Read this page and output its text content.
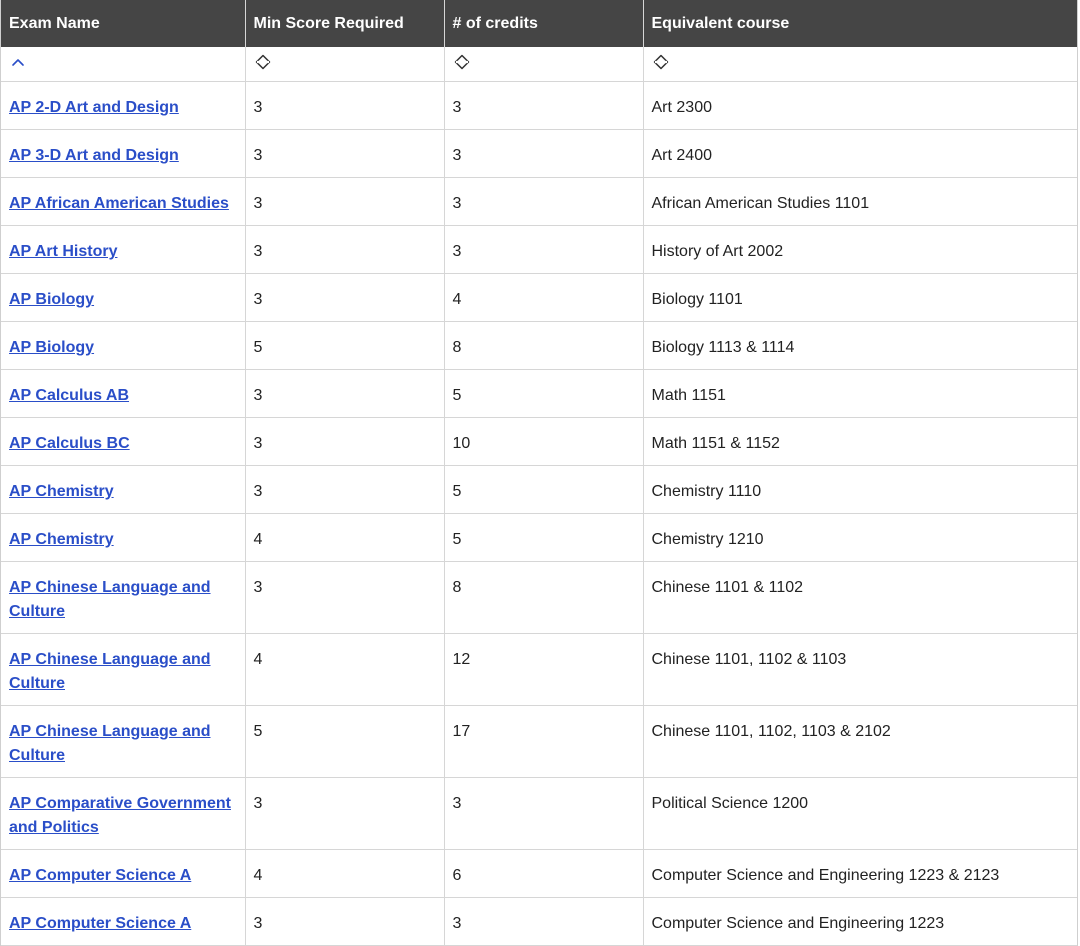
Exam Name	Min Score Required	# of credits	Equivalent course

AP 2-D Art and Design	3	3	Art 2300
AP 3-D Art and Design	3	3	Art 2400
AP African American Studies	3	3	African American Studies 1101
AP Art History	3	3	History of Art 2002
AP Biology	3	4	Biology 1101
AP Biology	5	8	Biology 1113 & 1114
AP Calculus AB	3	5	Math 1151
AP Calculus BC	3	10	Math 1151 & 1152
AP Chemistry	3	5	Chemistry 1110
AP Chemistry	4	5	Chemistry 1210
AP Chinese Language and Culture	3	8	Chinese 1101 & 1102
AP Chinese Language and Culture	4	12	Chinese 1101, 1102 & 1103
AP Chinese Language and Culture	5	17	Chinese 1101, 1102, 1103 & 2102
AP Comparative Government and Politics	3	3	Political Science 1200
AP Computer Science A	4	6	Computer Science and Engineering 1223 & 2123
AP Computer Science A	3	3	Computer Science and Engineering 1223
